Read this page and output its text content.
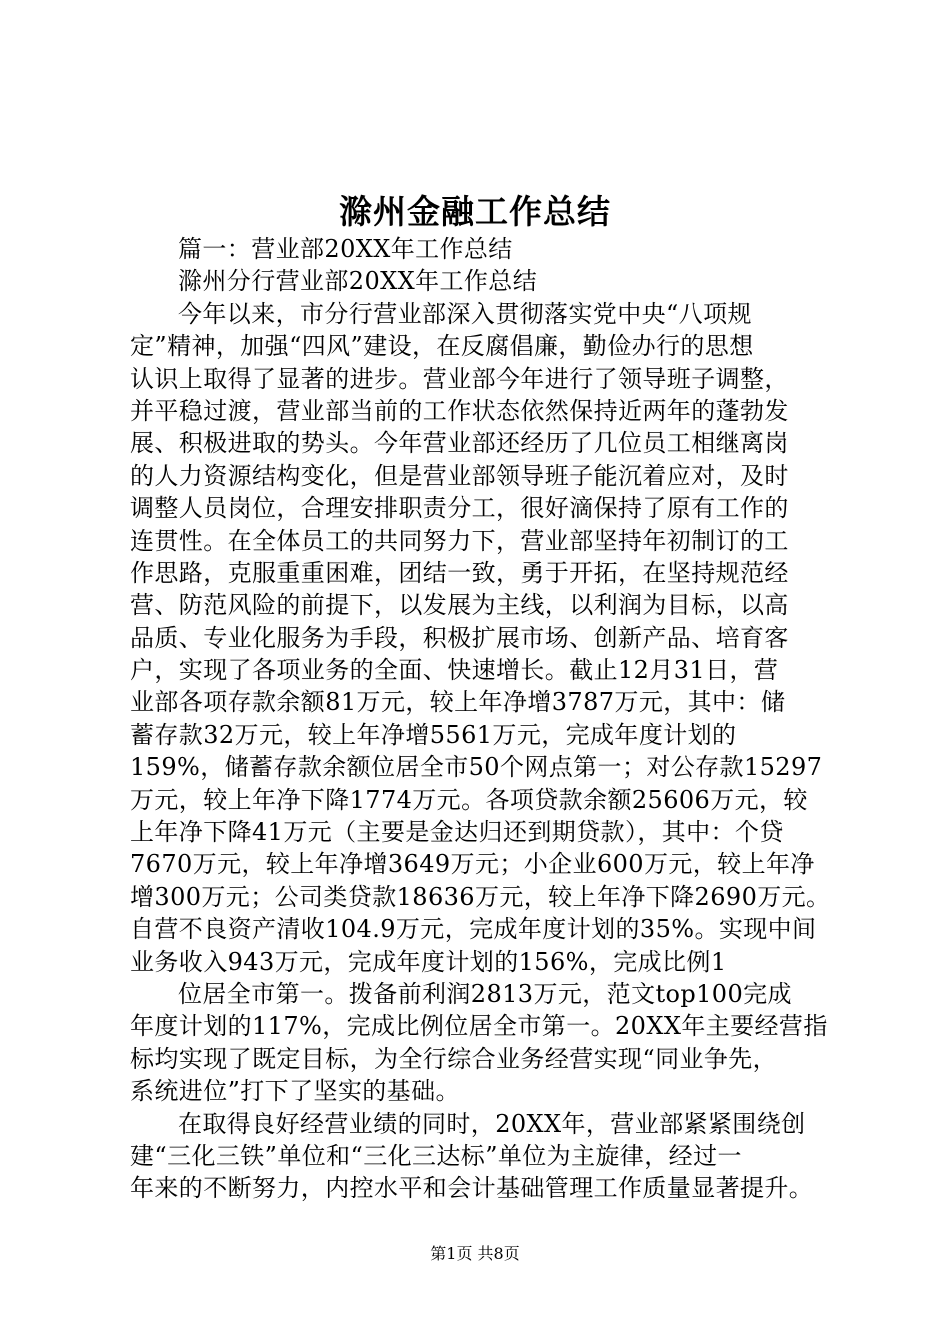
滁州金融工作总结
篇一：营业部20XX年工作总结
滁州分行营业部20XX年工作总结
今年以来，市分行营业部深入贯彻落实党中央“八项规
定”精神，加强“四风”建设，在反腐倡廉，勤俭办行的思想
认识上取得了显著的进步。营业部今年进行了领导班子调整，
并平稳过渡，营业部当前的工作状态依然保持近两年的蓬勃发
展、积极进取的势头。今年营业部还经历了几位员工相继离岗
的人力资源结构变化，但是营业部领导班子能沉着应对，及时
调整人员岗位，合理安排职责分工，很好滴保持了原有工作的
连贯性。在全体员工的共同努力下，营业部坚持年初制订的工
作思路，克服重重困难，团结一致，勇于开拓，在坚持规范经
营、防范风险的前提下，以发展为主线，以利润为目标，以高
品质、专业化服务为手段，积极扩展市场、创新产品、培育客
户，实现了各项业务的全面、快速增长。截止12月31日，营
业部各项存款余额81万元，较上年净增3787万元，其中：储
蓄存款32万元，较上年净增5561万元，完成年度计划的
159%，储蓄存款余额位居全市50个网点第一；对公存款15297
万元，较上年净下降1774万元。各项贷款余额25606万元，较
上年净下降41万元（主要是金达归还到期贷款），其中：个贷
7670万元，较上年净增3649万元；小企业600万元，较上年净
增300万元；公司类贷款18636万元，较上年净下降2690万元。
自营不良资产清收104.9万元，完成年度计划的35%。实现中间
业务收入943万元，完成年度计划的156%，完成比例1
位居全市第一。拨备前利润2813万元，范文top100完成
年度计划的117%，完成比例位居全市第一。20XX年主要经营指
标均实现了既定目标，为全行综合业务经营实现“同业争先，
系统进位”打下了坚实的基础。
在取得良好经营业绩的同时，20XX年，营业部紧紧围绕创
建“三化三铁”单位和“三化三达标”单位为主旋律，经过一
年来的不断努力，内控水平和会计基础管理工作质量显著提升。
第1页 共8页
